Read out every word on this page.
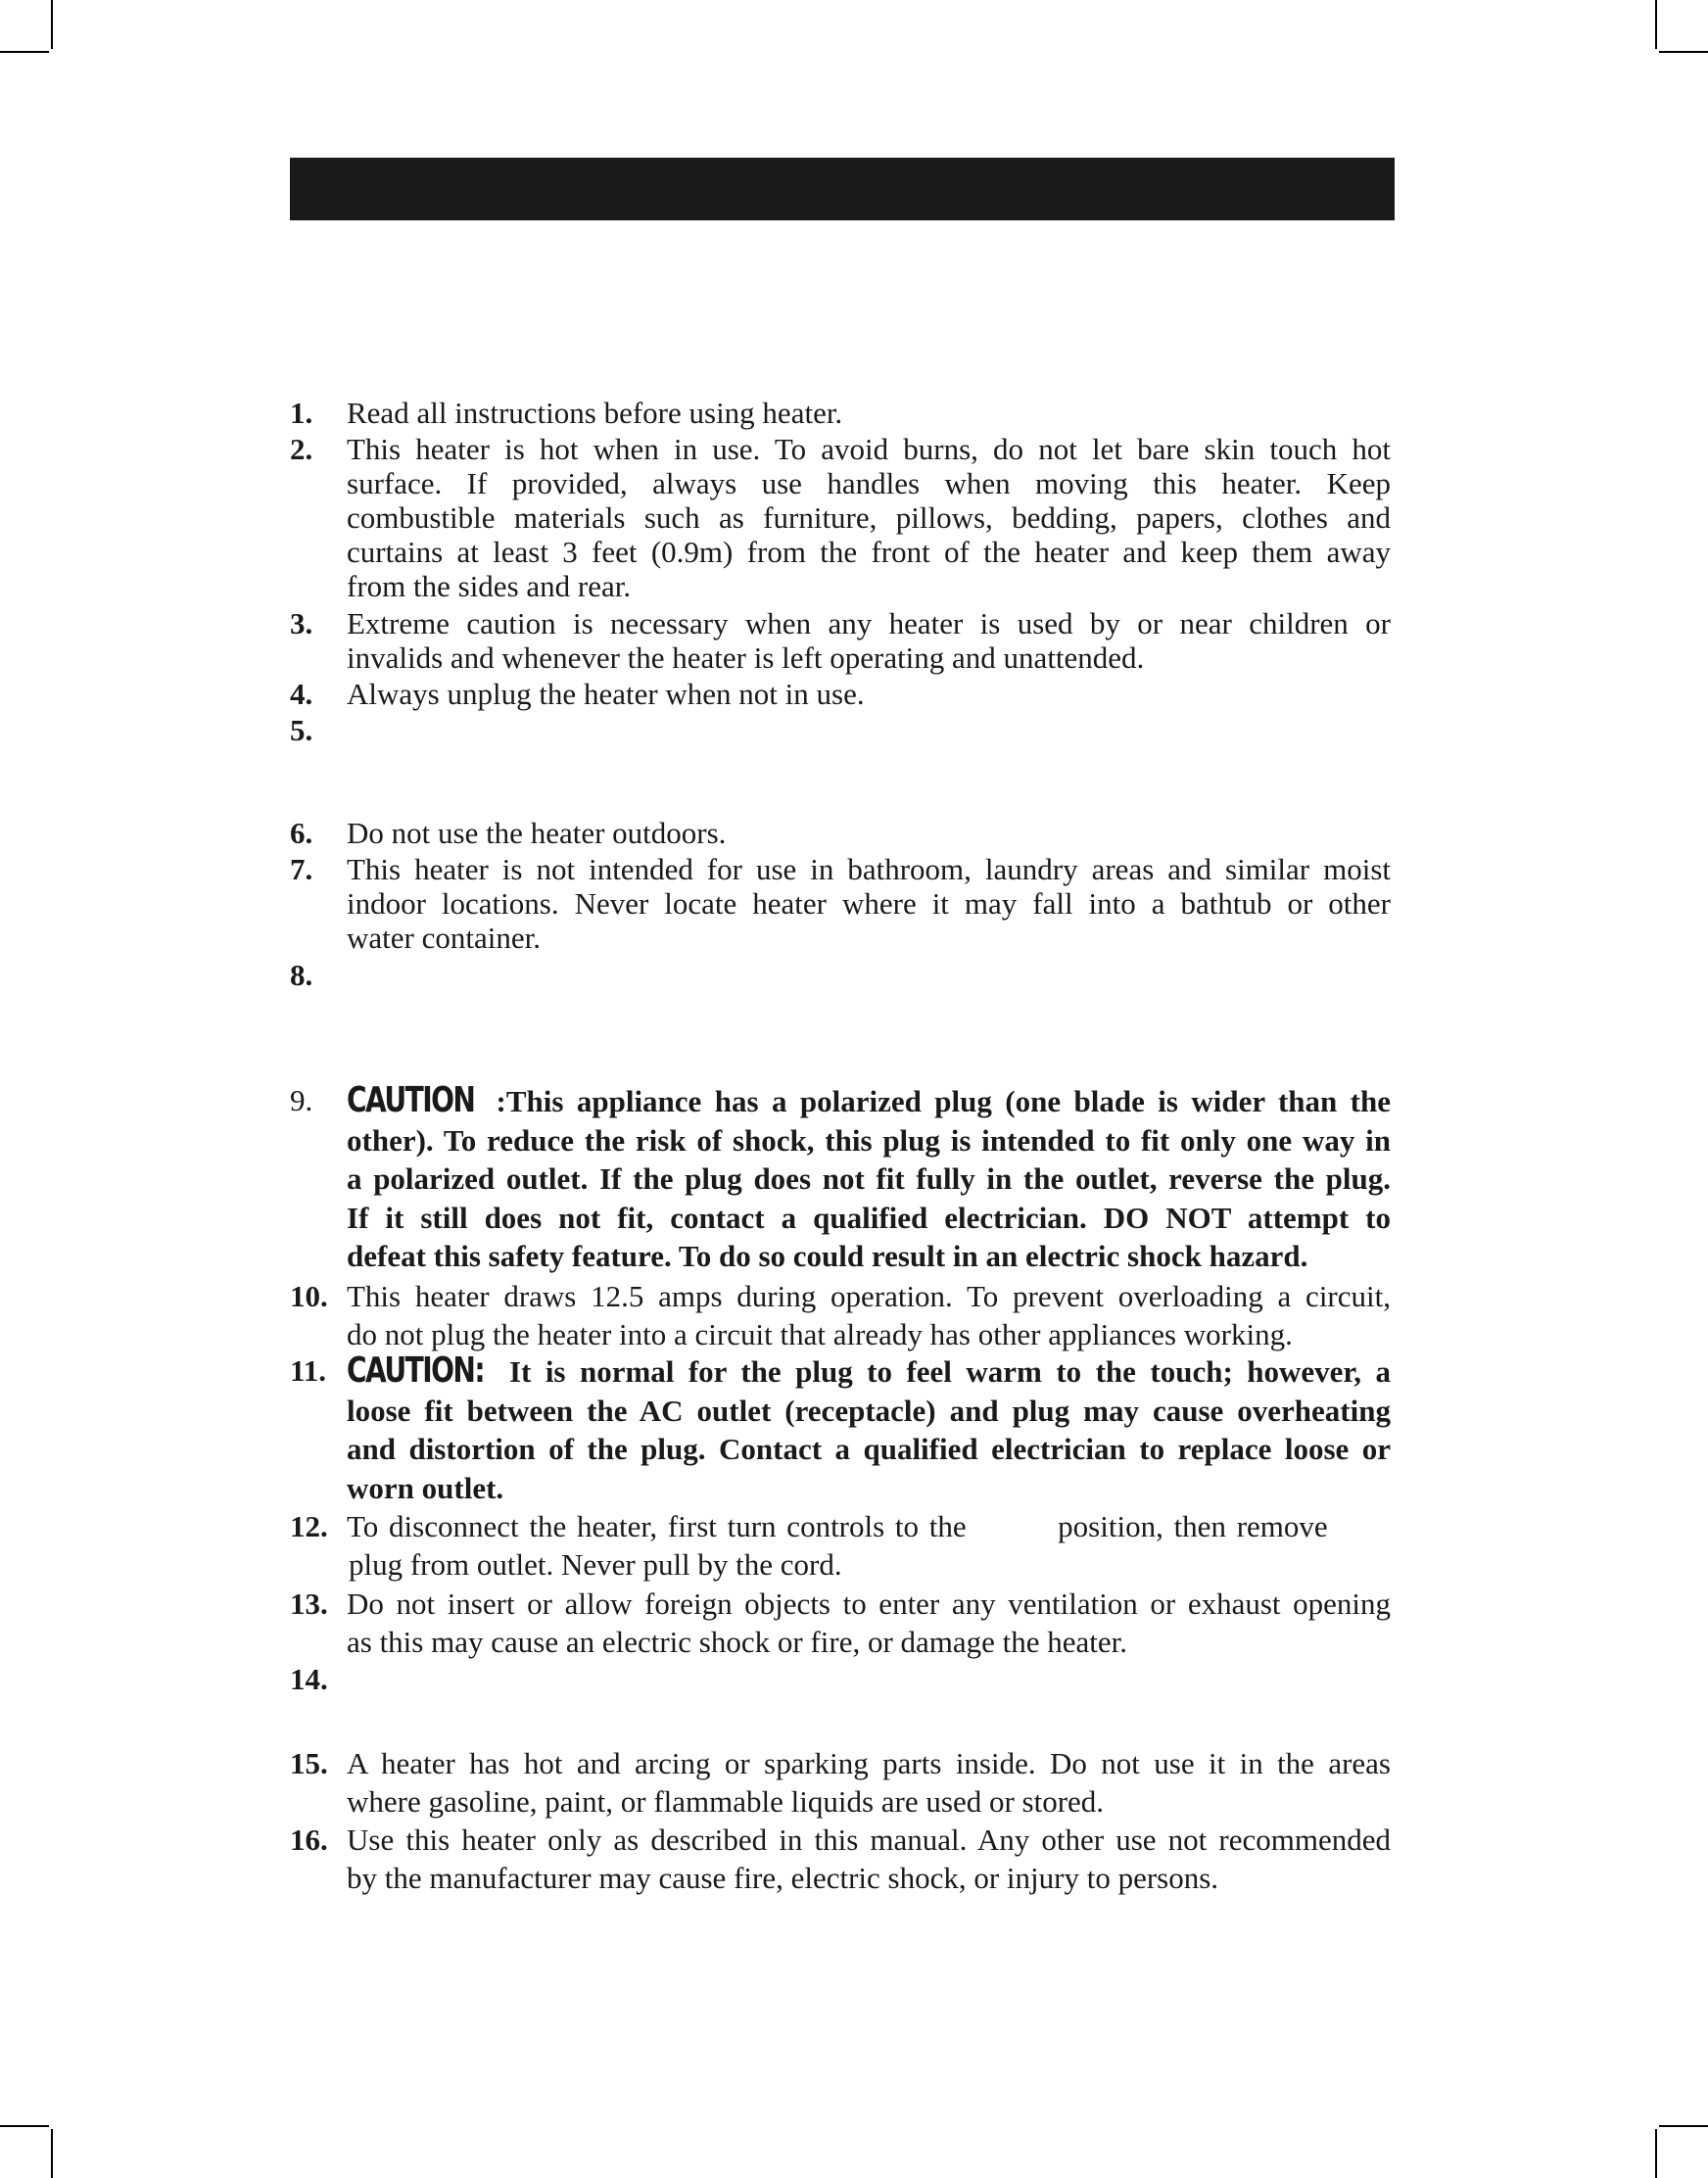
1. Read all instructions before using heater.
2. This heater is hot when in use. To avoid burns, do not let bare skin touch hot
surface. If provided, always use handles when moving this heater. Keep
combustible materials such as furniture, pillows, bedding, papers, clothes and
curtains at least 3 feet (0.9m) from the front of the heater and keep them away
from the sides and rear.
3. Extreme caution is necessary when any heater is used by or near children or
invalids and whenever the heater is left operating and unattended.
4. Always unplug the heater when not in use.
5.
6. Do not use the heater outdoors.
7. This heater is not intended for use in bathroom, laundry areas and similar moist
indoor locations. Never locate heater where it may fall into a bathtub or other
water container.
8.
9. CAUTION :This appliance has a polarized plug (one blade is wider than the
other). To reduce the risk of shock, this plug is intended to fit only one way in
a polarized outlet. If the plug does not fit fully in the outlet, reverse the plug.
If it still does not fit, contact a qualified electrician. DO NOT attempt to
defeat this safety feature. To do so could result in an electric shock hazard.
10. This heater draws 12.5 amps during operation. To prevent overloading a circuit,
do not plug the heater into a circuit that already has other appliances working.
11. CAUTION: It is normal for the plug to feel warm to the touch; however, a
loose fit between the AC outlet (receptacle) and plug may cause overheating
and distortion of the plug. Contact a qualified electrician to replace loose or
worn outlet.
12. To disconnect the heater, first turn controls to the	position, then remove
plug from outlet. Never pull by the cord.
13. Do not insert or allow foreign objects to enter any ventilation or exhaust opening
as this may cause an electric shock or fire, or damage the heater.
14.
15. A heater has hot and arcing or sparking parts inside. Do not use it in the areas
where gasoline, paint, or flammable liquids are used or stored.
16. Use this heater only as described in this manual. Any other use not recommended
by the manufacturer may cause fire, electric shock, or injury to persons.
